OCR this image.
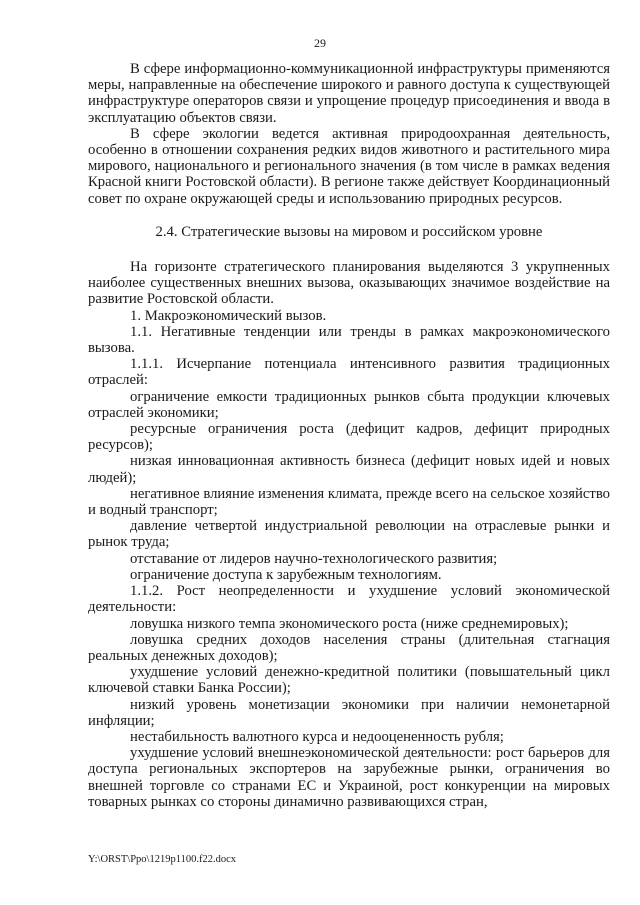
29

В сфере информационно-коммуникационной инфраструктуры применяются меры, направленные на обеспечение широкого и равного доступа к существующей инфраструктуре операторов связи и упрощение процедур присоединения и ввода в эксплуатацию объектов связи.

В сфере экологии ведется активная природоохранная деятельность, особенно в отношении сохранения редких видов животного и растительного мира мирового, национального и регионального значения (в том числе в рамках ведения Красной книги Ростовской области). В регионе также действует Координационный совет по охране окружающей среды и использованию природных ресурсов.

2.4. Стратегические вызовы на мировом и российском уровне

На горизонте стратегического планирования выделяются 3 укрупненных наиболее существенных внешних вызова, оказывающих значимое воздействие на развитие Ростовской области.

1. Макроэкономический вызов.

1.1. Негативные тенденции или тренды в рамках макроэкономического вызова.

1.1.1. Исчерпание потенциала интенсивного развития традиционных отраслей:

ограничение емкости традиционных рынков сбыта продукции ключевых отраслей экономики;

ресурсные ограничения роста (дефицит кадров, дефицит природных ресурсов);

низкая инновационная активность бизнеса (дефицит новых идей и новых людей);

негативное влияние изменения климата, прежде всего на сельское хозяйство и водный транспорт;

давление четвертой индустриальной революции на отраслевые рынки и рынок труда;

отставание от лидеров научно-технологического развития;

ограничение доступа к зарубежным технологиям.

1.1.2. Рост неопределенности и ухудшение условий экономической деятельности:

ловушка низкого темпа экономического роста (ниже среднемировых);

ловушка средних доходов населения страны (длительная стагнация реальных денежных доходов);

ухудшение условий денежно-кредитной политики (повышательный цикл ключевой ставки Банка России);

низкий уровень монетизации экономики при наличии немонетарной инфляции;

нестабильность валютного курса и недооцененность рубля;

ухудшение условий внешнеэкономической деятельности: рост барьеров для доступа региональных экспортеров на зарубежные рынки, ограничения во внешней торговле со странами ЕС и Украиной, рост конкуренции на мировых товарных рынках со стороны динамично развивающихся стран,

Y:\ORST\Ppo\1219p1100.f22.docx
